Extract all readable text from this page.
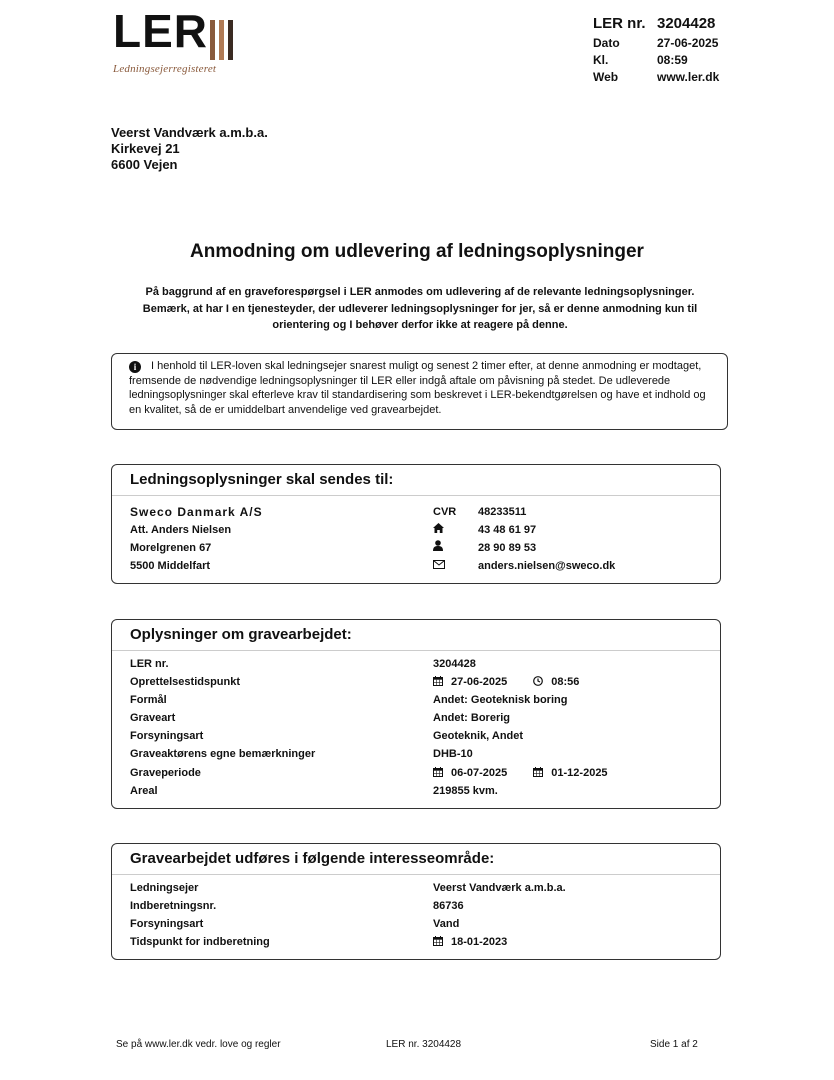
LER
Ledningsejerregisteret
LER nr. 3204428
Dato	27-06-2025
Kl.	08:59
Web	www.ler.dk
Veerst Vandværk a.m.b.a.
Kirkevej 21
6600 Vejen
Anmodning om udlevering af ledningsoplysninger
På baggrund af en graveforespørgsel i LER anmodes om udlevering af de relevante ledningsoplysninger. Bemærk, at har I en tjenesteyder, der udleverer ledningsoplysninger for jer, så er denne anmodning kun til orientering og I behøver derfor ikke at reagere på denne.
i I henhold til LER-loven skal ledningsejer snarest muligt og senest 2 timer efter, at denne anmodning er modtaget, fremsende de nødvendige ledningsoplysninger til LER eller indgå aftale om påvisning på stedet. De udleverede ledningsoplysninger skal efterleve krav til standardisering som beskrevet i LER-bekendtgørelsen og have et indhold og en kvalitet, så de er umiddelbart anvendelige ved gravearbejdet.
Ledningsoplysninger skal sendes til:
Sweco Danmark A/S
Att. Anders Nielsen
Morelgrenen 67
5500 Middelfart
CVR 48233511
43 48 61 97
28 90 89 53
anders.nielsen@sweco.dk
Oplysninger om gravearbejdet:
LER nr.	3204428
Oprettelsestidspunkt	27-06-2025	08:56
Formål	Andet: Geoteknisk boring
Graveart	Andet: Borerig
Forsyningsart	Geoteknik, Andet
Graveaktørens egne bemærkninger	DHB-10
Graveperiode	06-07-2025	01-12-2025
Areal	219855 kvm.
Gravearbejdet udføres i følgende interesseområde:
Ledningsejer	Veerst Vandværk a.m.b.a.
Indberetningsnr.	86736
Forsyningsart	Vand
Tidspunkt for indberetning	18-01-2023
Se på www.ler.dk vedr. love og regler	LER nr. 3204428	Side 1 af 2
